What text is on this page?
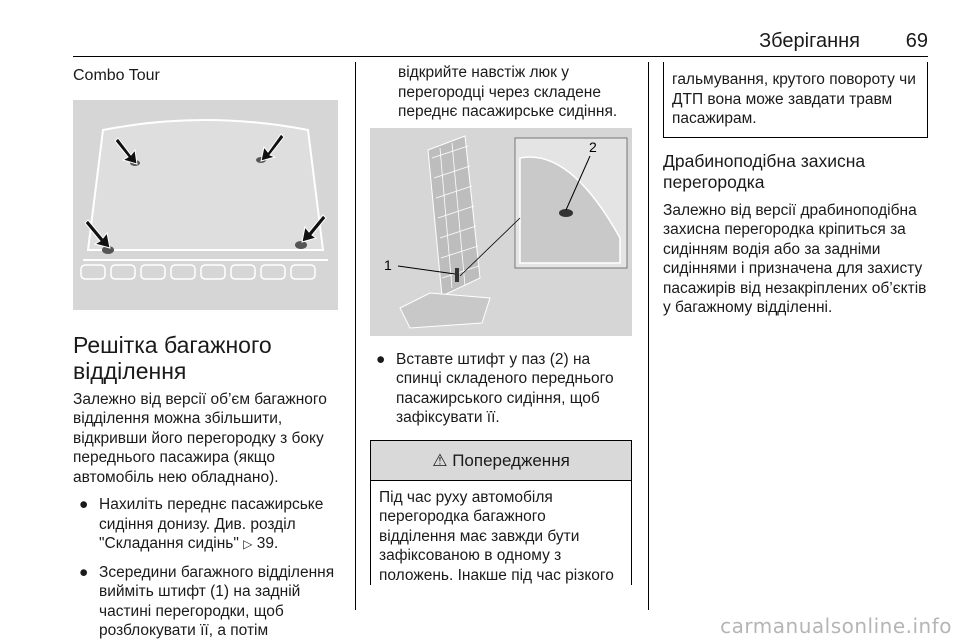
Зберігання 69
Combo Tour
Решітка багажного відділення

Залежно від версії об’єм багажного відділення можна збільшити, відкривши його перегородку з боку переднього пасажира (якщо автомобіль нею обладнано).

● Нахиліть переднє пасажирське сидіння донизу. Див. розділ "Складання сидінь" ▷ 39.
● Зсередини багажного відділення вийміть штифт (1) на задній частині перегородки, щоб розблокувати її, а потім

відкрийте навстіж люк у перегородці через складене переднє пасажирське сидіння.

2
1
● Вставте штифт у паз (2) на спинці складеного переднього пасажирського сидіння, щоб зафіксувати її.
⚠ Попередження
Під час руху автомобіля перегородка багажного відділення має завжди бути зафіксованою в одному з положень. Інакше під час різкого
гальмування, крутого повороту чи ДТП вона може завдати травм пасажирам.
Драбиноподібна захисна перегородка

Залежно від версії драбиноподібна захисна перегородка кріпиться за сидінням водія або за задніми сидіннями і призначена для захисту пасажирів від незакріплених об’єктів у багажному відділенні.

carmanualsonline.info
